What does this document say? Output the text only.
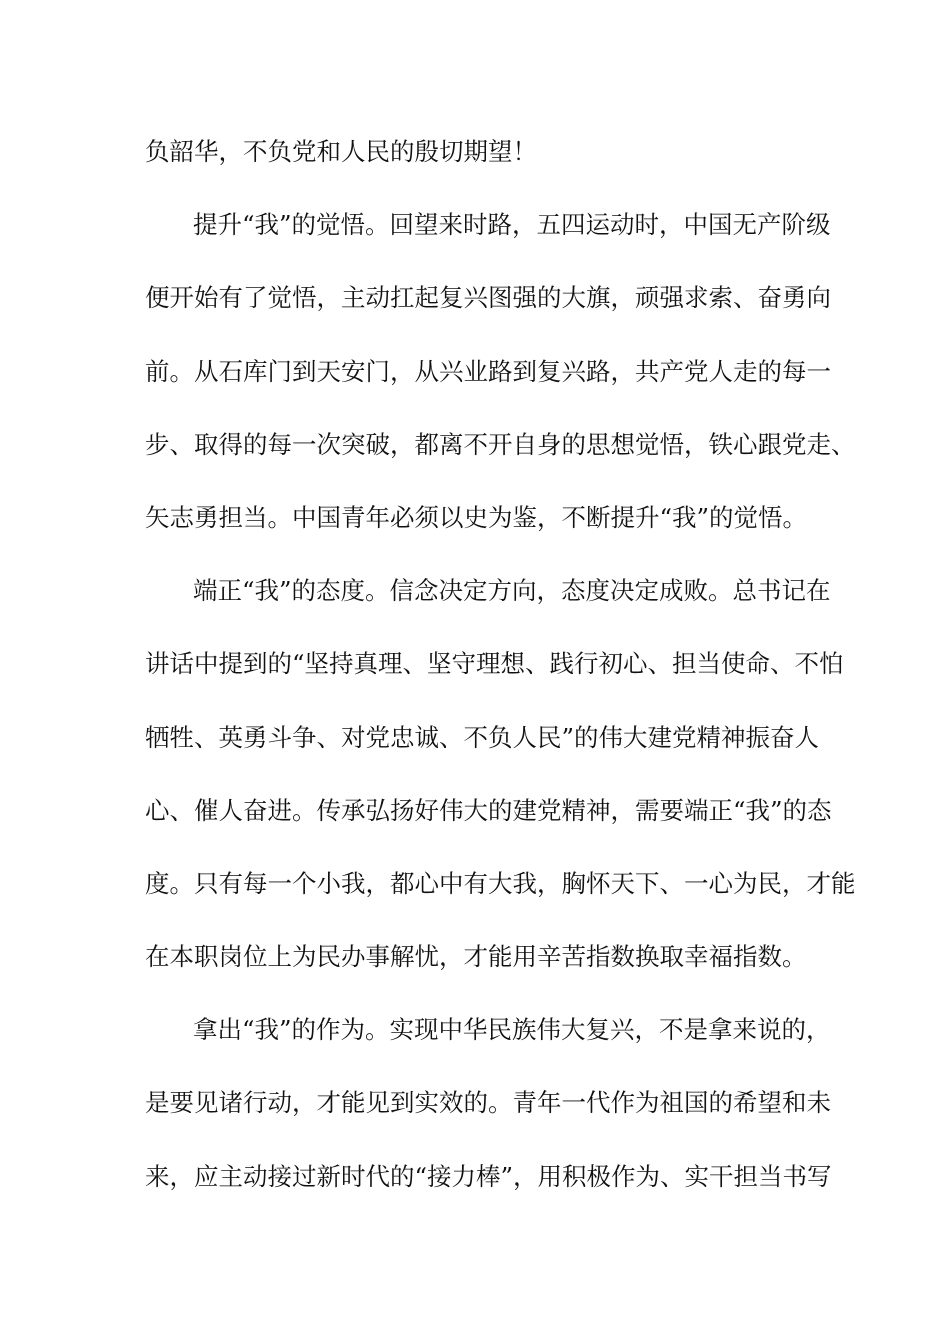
负韶华，不负党和人民的殷切期望！
提升“我”的觉悟。回望来时路，五四运动时，中国无产阶级
便开始有了觉悟，主动扛起复兴图强的大旗，顽强求索、奋勇向
前。从石库门到天安门，从兴业路到复兴路，共产党人走的每一
步、取得的每一次突破，都离不开自身的思想觉悟，铁心跟党走、
矢志勇担当。中国青年必须以史为鉴，不断提升“我”的觉悟。
端正“我”的态度。信念决定方向，态度决定成败。总书记在
讲话中提到的“坚持真理、坚守理想、践行初心、担当使命、不怕
牺牲、英勇斗争、对党忠诚、不负人民”的伟大建党精神振奋人
心、催人奋进。传承弘扬好伟大的建党精神，需要端正“我”的态
度。只有每一个小我，都心中有大我，胸怀天下、一心为民，才能
在本职岗位上为民办事解忧，才能用辛苦指数换取幸福指数。
拿出“我”的作为。实现中华民族伟大复兴，不是拿来说的，
是要见诸行动，才能见到实效的。青年一代作为祖国的希望和未
来，应主动接过新时代的“接力棒”，用积极作为、实干担当书写
